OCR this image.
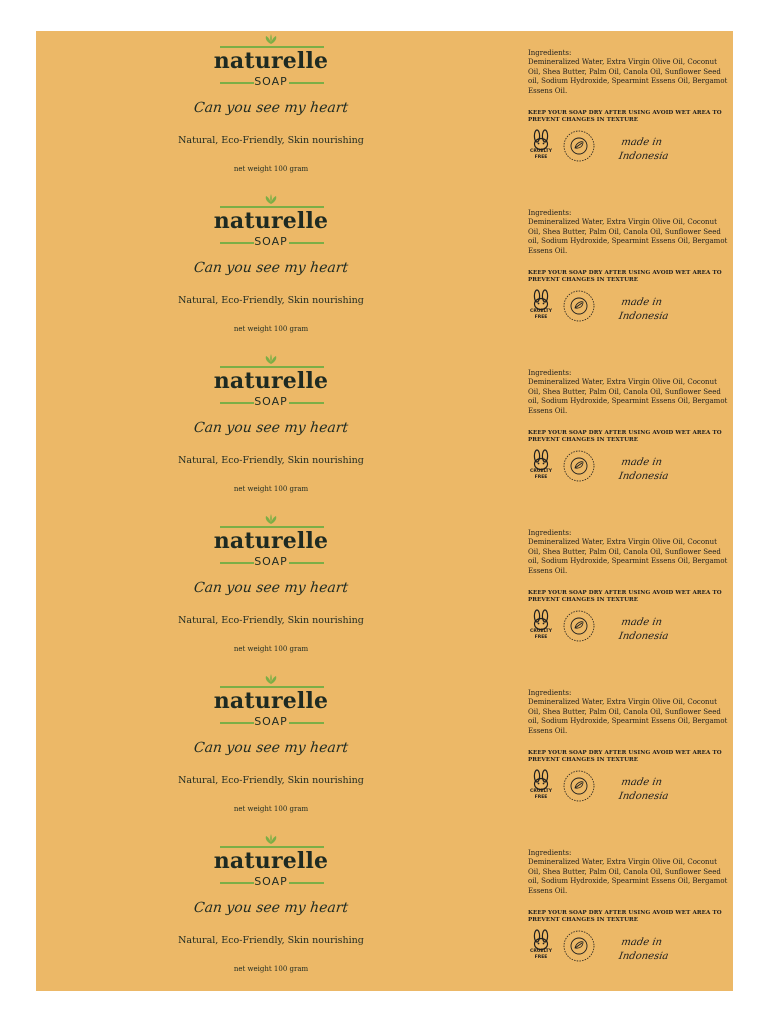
naturelle
SOAP
Can you see my heart
Natural, Eco-Friendly, Skin nourishing
net weight 100 gram
Ingredients:
Demineralized Water, Extra Virgin Olive Oil, Coconut Oil, Shea Butter, Palm Oil, Canola Oil, Sunflower Seed oil, Sodium Hydroxide, Spearmint Essens Oil, Bergamot Essens Oil.
KEEP YOUR SOAP DRY AFTER USING AVOID WET AREA TO PREVENT CHANGES IN TEXTURE
CRUELTY FREE
made in Indonesia
naturelle
SOAP
Can you see my heart
Natural, Eco-Friendly, Skin nourishing
net weight 100 gram
Ingredients:
Demineralized Water, Extra Virgin Olive Oil, Coconut Oil, Shea Butter, Palm Oil, Canola Oil, Sunflower Seed oil, Sodium Hydroxide, Spearmint Essens Oil, Bergamot Essens Oil.
KEEP YOUR SOAP DRY AFTER USING AVOID WET AREA TO PREVENT CHANGES IN TEXTURE
CRUELTY FREE
made in Indonesia
naturelle
SOAP
Can you see my heart
Natural, Eco-Friendly, Skin nourishing
net weight 100 gram
Ingredients:
Demineralized Water, Extra Virgin Olive Oil, Coconut Oil, Shea Butter, Palm Oil, Canola Oil, Sunflower Seed oil, Sodium Hydroxide, Spearmint Essens Oil, Bergamot Essens Oil.
KEEP YOUR SOAP DRY AFTER USING AVOID WET AREA TO PREVENT CHANGES IN TEXTURE
CRUELTY FREE
made in Indonesia
naturelle
SOAP
Can you see my heart
Natural, Eco-Friendly, Skin nourishing
net weight 100 gram
Ingredients:
Demineralized Water, Extra Virgin Olive Oil, Coconut Oil, Shea Butter, Palm Oil, Canola Oil, Sunflower Seed oil, Sodium Hydroxide, Spearmint Essens Oil, Bergamot Essens Oil.
KEEP YOUR SOAP DRY AFTER USING AVOID WET AREA TO PREVENT CHANGES IN TEXTURE
CRUELTY FREE
made in Indonesia
naturelle
SOAP
Can you see my heart
Natural, Eco-Friendly, Skin nourishing
net weight 100 gram
Ingredients:
Demineralized Water, Extra Virgin Olive Oil, Coconut Oil, Shea Butter, Palm Oil, Canola Oil, Sunflower Seed oil, Sodium Hydroxide, Spearmint Essens Oil, Bergamot Essens Oil.
KEEP YOUR SOAP DRY AFTER USING AVOID WET AREA TO PREVENT CHANGES IN TEXTURE
CRUELTY FREE
made in Indonesia
naturelle
SOAP
Can you see my heart
Natural, Eco-Friendly, Skin nourishing
net weight 100 gram
Ingredients:
Demineralized Water, Extra Virgin Olive Oil, Coconut Oil, Shea Butter, Palm Oil, Canola Oil, Sunflower Seed oil, Sodium Hydroxide, Spearmint Essens Oil, Bergamot Essens Oil.
KEEP YOUR SOAP DRY AFTER USING AVOID WET AREA TO PREVENT CHANGES IN TEXTURE
CRUELTY FREE
made in Indonesia
